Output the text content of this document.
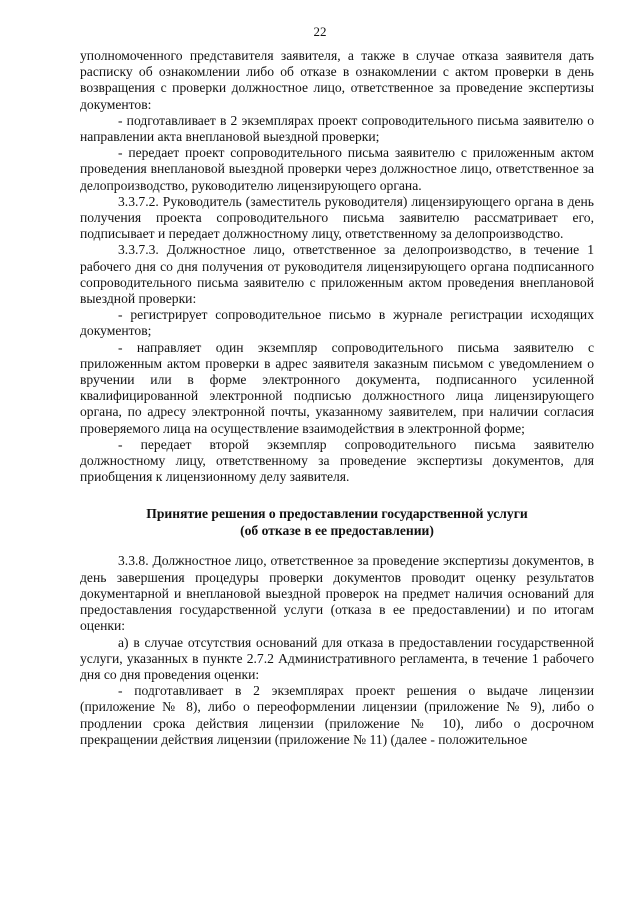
22

уполномоченного представителя заявителя, а также в случае отказа заявителя дать расписку об ознакомлении либо об отказе в ознакомлении с актом проверки в день возвращения с проверки должностное лицо, ответственное за проведение экспертизы документов:

- подготавливает в 2 экземплярах проект сопроводительного письма заявителю о направлении акта внеплановой выездной проверки;

- передает проект сопроводительного письма заявителю с приложенным актом проведения внеплановой выездной проверки через должностное лицо, ответственное за делопроизводство, руководителю лицензирующего органа.

3.3.7.2. Руководитель (заместитель руководителя) лицензирующего органа в день получения проекта сопроводительного письма заявителю рассматривает его, подписывает и передает должностному лицу, ответственному за делопроизводство.

3.3.7.3. Должностное лицо, ответственное за делопроизводство, в течение 1 рабочего дня со дня получения от руководителя лицензирующего органа подписанного сопроводительного письма заявителю с приложенным актом проведения внеплановой выездной проверки:

- регистрирует сопроводительное письмо в журнале регистрации исходящих документов;

- направляет один экземпляр сопроводительного письма заявителю с приложенным актом проверки в адрес заявителя заказным письмом с уведомлением о вручении или в форме электронного документа, подписанного усиленной квалифицированной электронной подписью должностного лица лицензирующего органа, по адресу электронной почты, указанному заявителем, при наличии согласия проверяемого лица на осуществление взаимодействия в электронной форме;

- передает второй экземпляр сопроводительного письма заявителю должностному лицу, ответственному за проведение экспертизы документов, для приобщения к лицензионному делу заявителя.

Принятие решения о предоставлении государственной услуги
(об отказе в ее предоставлении)

3.3.8. Должностное лицо, ответственное за проведение экспертизы документов, в день завершения процедуры проверки документов проводит оценку результатов документарной и внеплановой выездной проверок на предмет наличия оснований для предоставления государственной услуги (отказа в ее предоставлении) и по итогам оценки:

а) в случае отсутствия оснований для отказа в предоставлении государственной услуги, указанных в пункте 2.7.2 Административного регламента, в течение 1 рабочего дня со дня проведения оценки:

- подготавливает в 2 экземплярах проект решения о выдаче лицензии (приложение № 8), либо о переоформлении лицензии (приложение № 9), либо о продлении срока действия лицензии (приложение № 10), либо о досрочном прекращении действия лицензии (приложение № 11) (далее - положительное
